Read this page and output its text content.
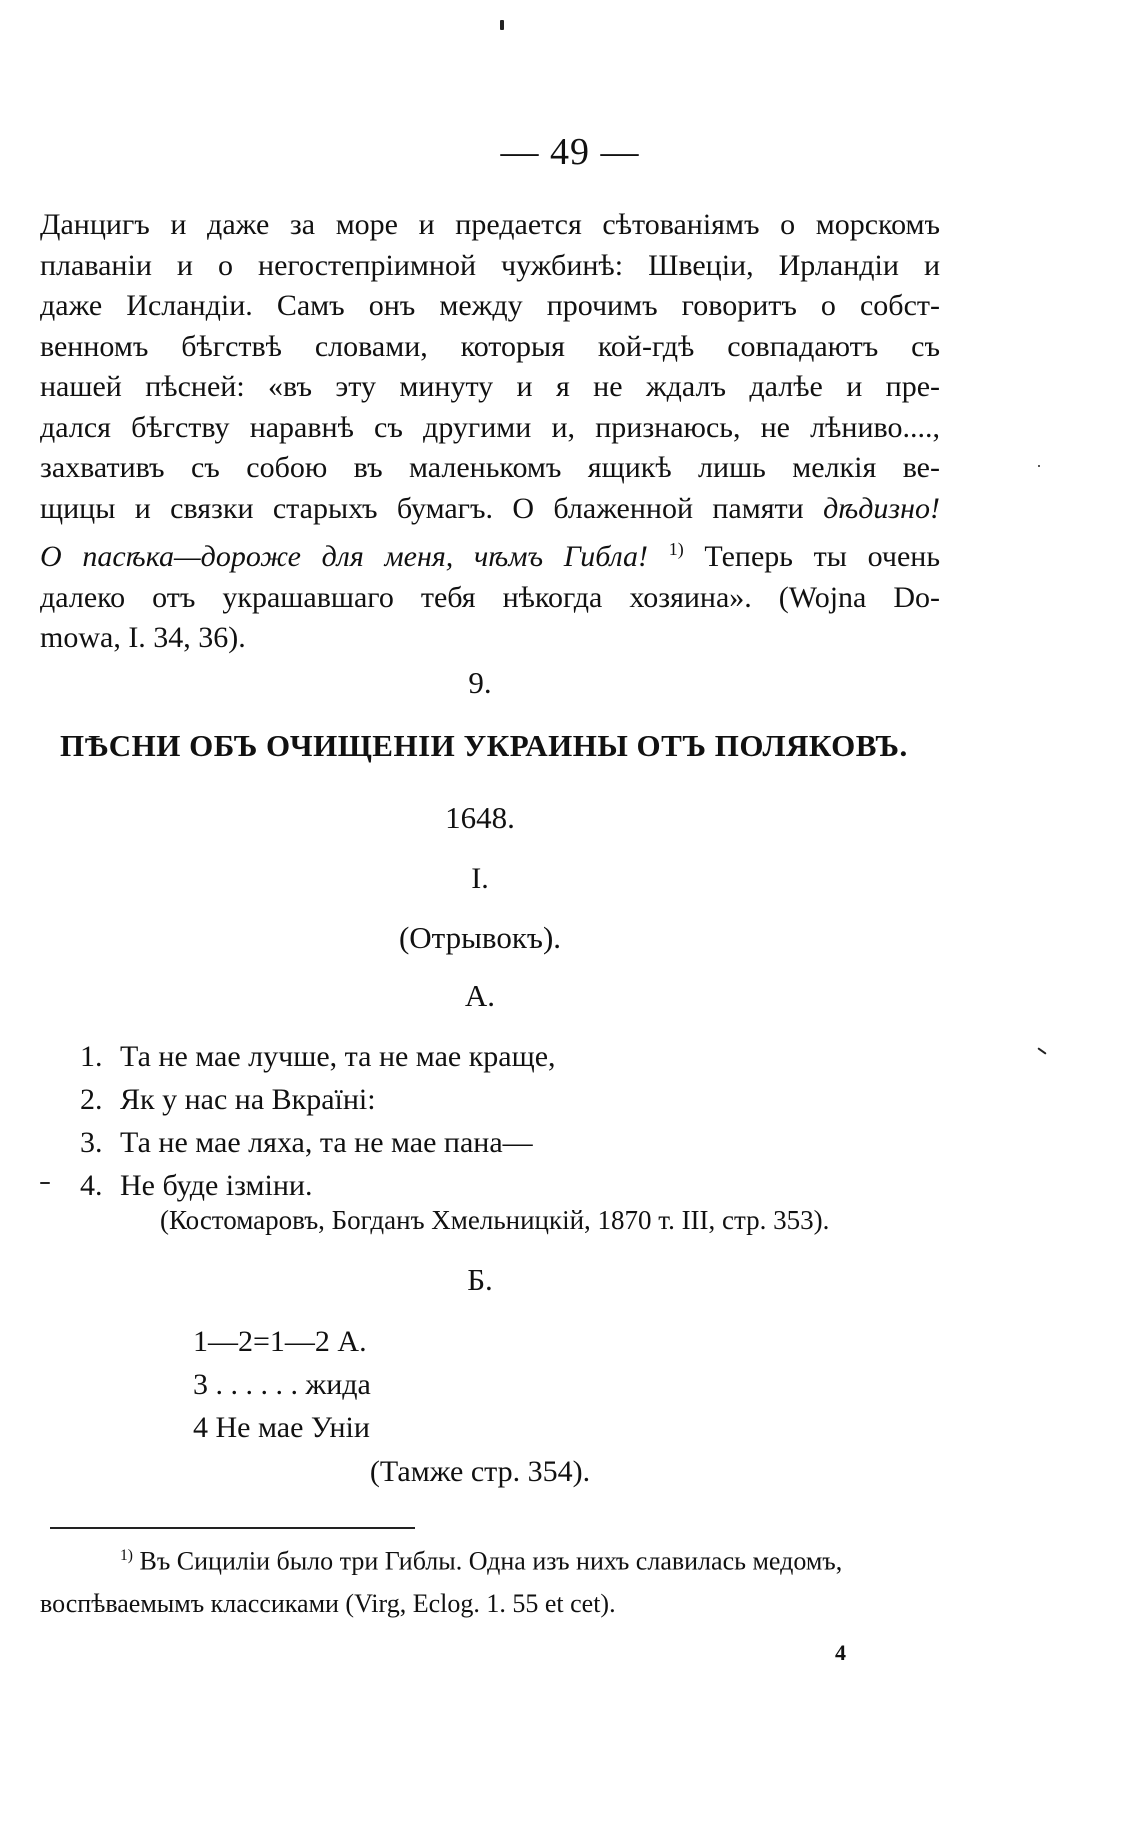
— 49 —
Данцигъ и даже за море и предается сѣтованіямъ о морскомъ
плаваніи и о негостепріимной чужбинѣ: Швеціи, Ирландіи и
даже Исландіи. Самъ онъ между прочимъ говоритъ о собст-
венномъ бѣгствѣ словами, которыя кой-гдѣ совпадаютъ съ
нашей пѣсней: «въ эту минуту и я не ждалъ далѣе и пре-
дался бѣгству наравнѣ съ другими и, признаюсь, не лѣниво....,
захвативъ съ собою въ маленькомъ ящикѣ лишь мелкія ве-
щицы и связки старыхъ бумагъ. О блаженной памяти дѣдизно!
О пасѣка—дороже для меня, чѣмъ Гибла! $^{1)}$ Теперь ты очень
далеко отъ украшавшаго тебя нѣкогда хозяина». (Wojna Do-
mowa, I. 34, 36).
9.
ПѢСНИ ОБЪ ОЧИЩЕНІИ УКРАИНЫ ОТЪ ПОЛЯКОВЪ.
1648.
I.
(Отрывокъ).
А.
1. Та не мае лучше, та не мае краще,
2. Як у нас на Вкраїні:
3. Та не мае ляха, та не мае пана—
4. Не буде ізміни.
(Костомаровъ, Богданъ Хмельницкій, 1870 т. III, стр. 353).
Б.
1—2=1—2 А.
3 . . . . . . жида
4 Не мае Унiи
(Тамже стр. 354).
$^{1)}$ Въ Сициліи было три Гиблы. Одна изъ нихъ славилась медомъ,
воспѣваемымъ классиками (Virg, Eclog. 1. 55 et cet).
4
